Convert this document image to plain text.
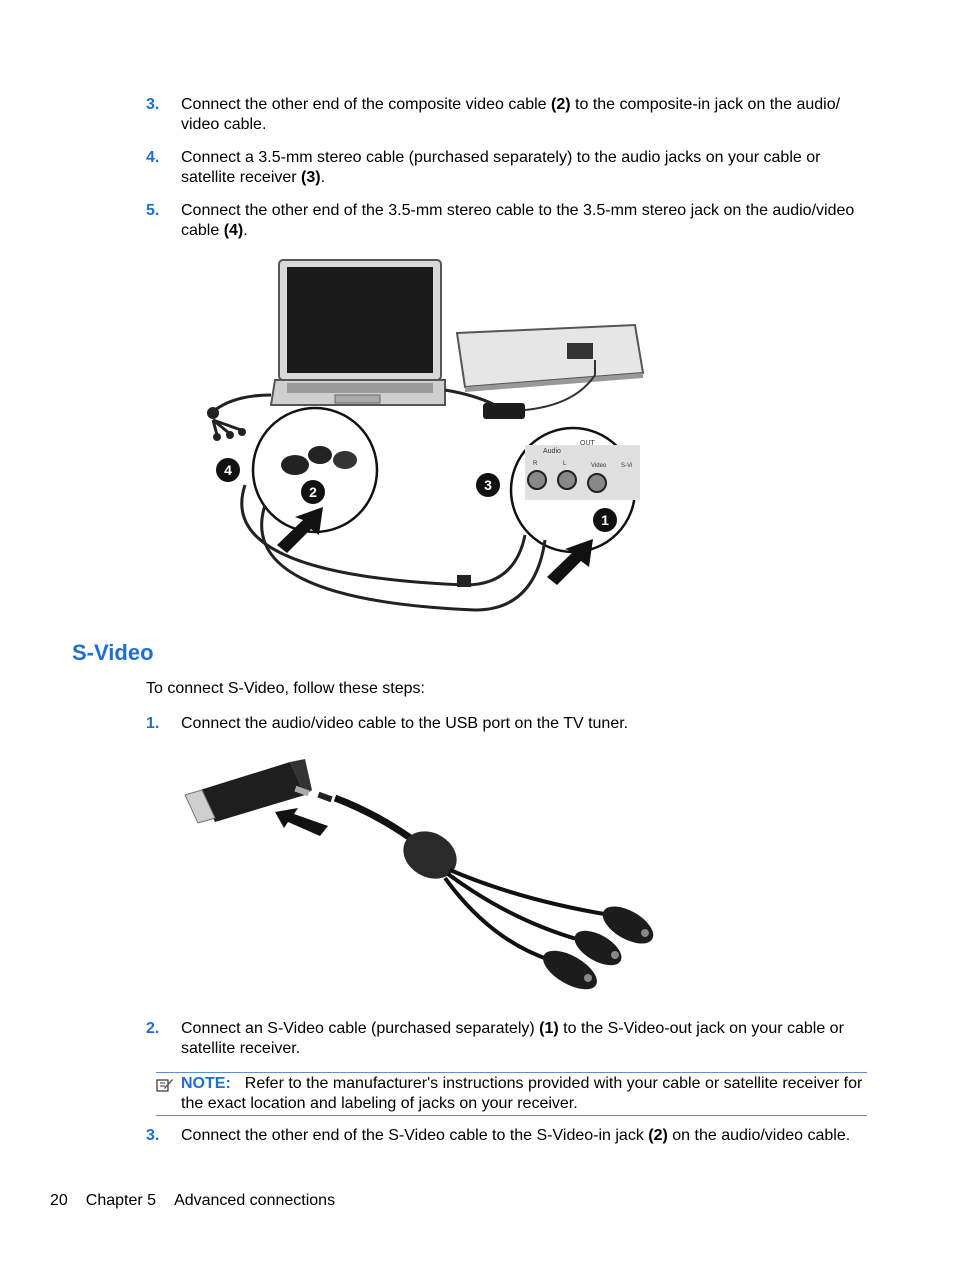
3. Connect the other end of the composite video cable (2) to the composite-in jack on the audio/ video cable.
4. Connect a 3.5-mm stereo cable (purchased separately) to the audio jacks on your cable or satellite receiver (3).
5. Connect the other end of the 3.5-mm stereo cable to the 3.5-mm stereo jack on the audio/video cable (4).
OUT
Audio
R	L	Video S-Vi
4
2	3
1
S-Video
To connect S-Video, follow these steps:
1. Connect the audio/video cable to the USB port on the TV tuner.
2. Connect an S-Video cable (purchased separately) (1) to the S-Video-out jack on your cable or satellite receiver.
NOTE: Refer to the manufacturer's instructions provided with your cable or satellite receiver for the exact location and labeling of jacks on your receiver.
3. Connect the other end of the S-Video cable to the S-Video-in jack (2) on the audio/video cable.
20 Chapter 5 Advanced connections
